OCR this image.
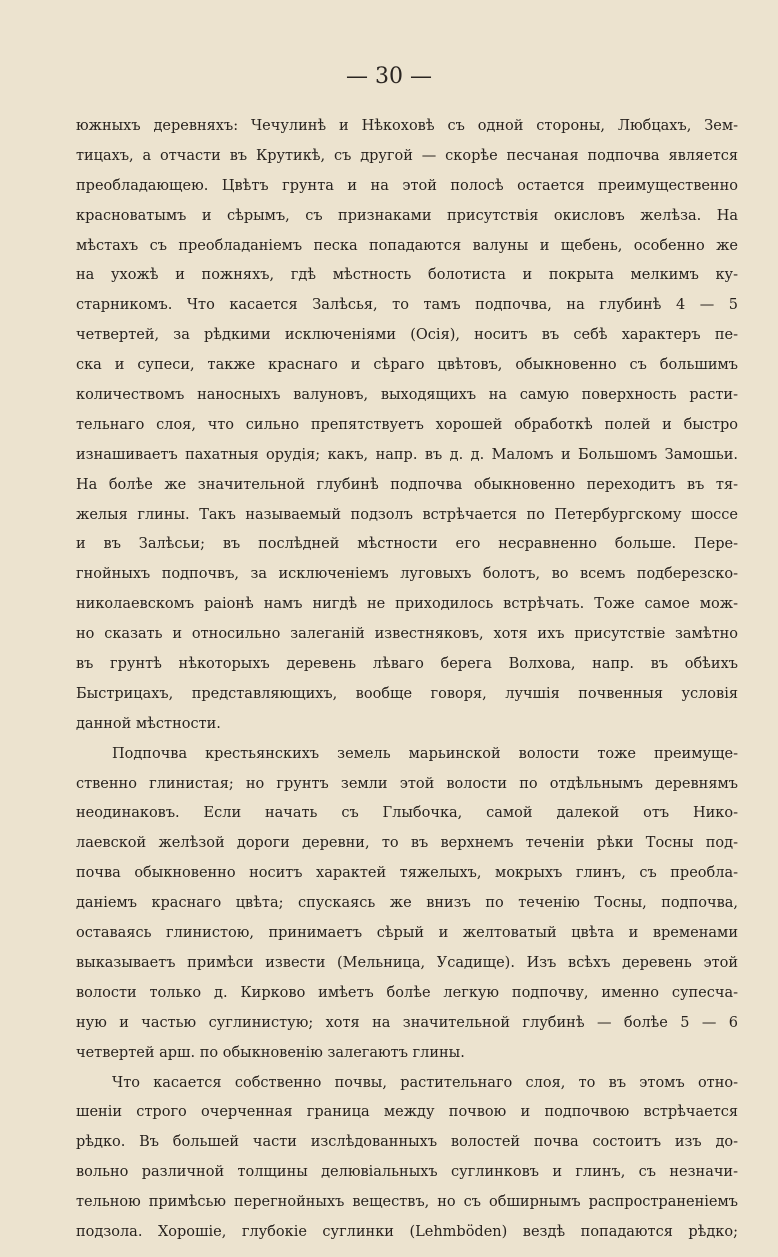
— 30 —
южныхъ деревняхъ: Чечулинѣ и Нѣкоховѣ съ одной стороны, Любцахъ, Зем-
тицахъ, а отчасти въ Крутикѣ, съ другой — скорѣе песчаная подпочва является
преобладающею. Цвѣтъ грунта и на этой полосѣ остается преимущественно
красноватымъ и сѣрымъ, съ признаками присутствія окисловъ желѣза. На
мѣстахъ съ преобладаніемъ песка попадаются валуны и щебень, особенно же
на ухожѣ и пожняхъ, гдѣ мѣстность болотиста и покрыта мелкимъ ку-
старникомъ. Что касается Залѣсья, то тамъ подпочва, на глубинѣ 4 — 5
четвертей, за рѣдкими исключеніями (Осія), носитъ въ себѣ характеръ пе-
ска и супеси, также краснаго и сѣраго цвѣтовъ, обыкновенно съ большимъ
количествомъ наносныхъ валуновъ, выходящихъ на самую поверхность расти-
тельнаго слоя, что сильно препятствуетъ хорошей обработкѣ полей и быстро
изнашиваетъ пахатныя орудія; какъ, напр. въ д. д. Маломъ и Большомъ Замошьи.
На болѣе же значительной глубинѣ подпочва обыкновенно переходитъ въ тя-
желыя глины. Такъ называемый подзолъ встрѣчается по Петербургскому шоссе
и въ Залѣсьи; въ послѣдней мѣстности его несравненно больше. Пере-
гнойныхъ подпочвъ, за исключеніемъ луговыхъ болотъ, во всемъ подберезско-
николаевскомъ раіонѣ намъ нигдѣ не приходилось встрѣчать. Тоже самое мож-
но сказать и относильно залеганій известняковъ, хотя ихъ присутствіе замѣтно
въ грунтѣ нѣкоторыхъ деревень лѣваго берега Волхова, напр. въ обѣихъ
Быстрицахъ, представляющихъ, вообще говоря, лучшія почвенныя условія
данной мѣстности.
Подпочва крестьянскихъ земель марьинской волости тоже преимуще-
ственно глинистая; но грунтъ земли этой волости по отдѣльнымъ деревнямъ
неодинаковъ. Если начать съ Глыбочка, самой далекой отъ Нико-
лаевской желѣзой дороги деревни, то въ верхнемъ теченіи рѣки Тосны под-
почва обыкновенно носитъ характей тяжелыхъ, мокрыхъ глинъ, съ преобла-
даніемъ краснаго цвѣта; спускаясь же внизъ по теченію Тосны, подпочва,
оставаясь глинистою, принимаетъ сѣрый и желтоватый цвѣта и временами
выказываетъ примѣси извести (Мельница, Усадище). Изъ всѣхъ деревень этой
волости только д. Кирково имѣетъ болѣе легкую подпочву, именно супесча-
ную и частью суглинистую; хотя на значительной глубинѣ — болѣе 5 — 6
четвертей арш. по обыкновенію залегаютъ глины.
Что касается собственно почвы, растительнаго слоя, то въ этомъ отно-
шеніи строго очерченная граница между почвою и подпочвою встрѣчается
рѣдко. Въ большей части изслѣдованныхъ волостей почва состоитъ изъ до-
вольно различной толщины делювіальныхъ суглинковъ и глинъ, съ незначи-
тельною примѣсью перегнойныхъ веществъ, но съ обширнымъ распространеніемъ
подзола. Хорошіе, глубокіе суглинки (Lehmböden) вездѣ попадаются рѣдко;
